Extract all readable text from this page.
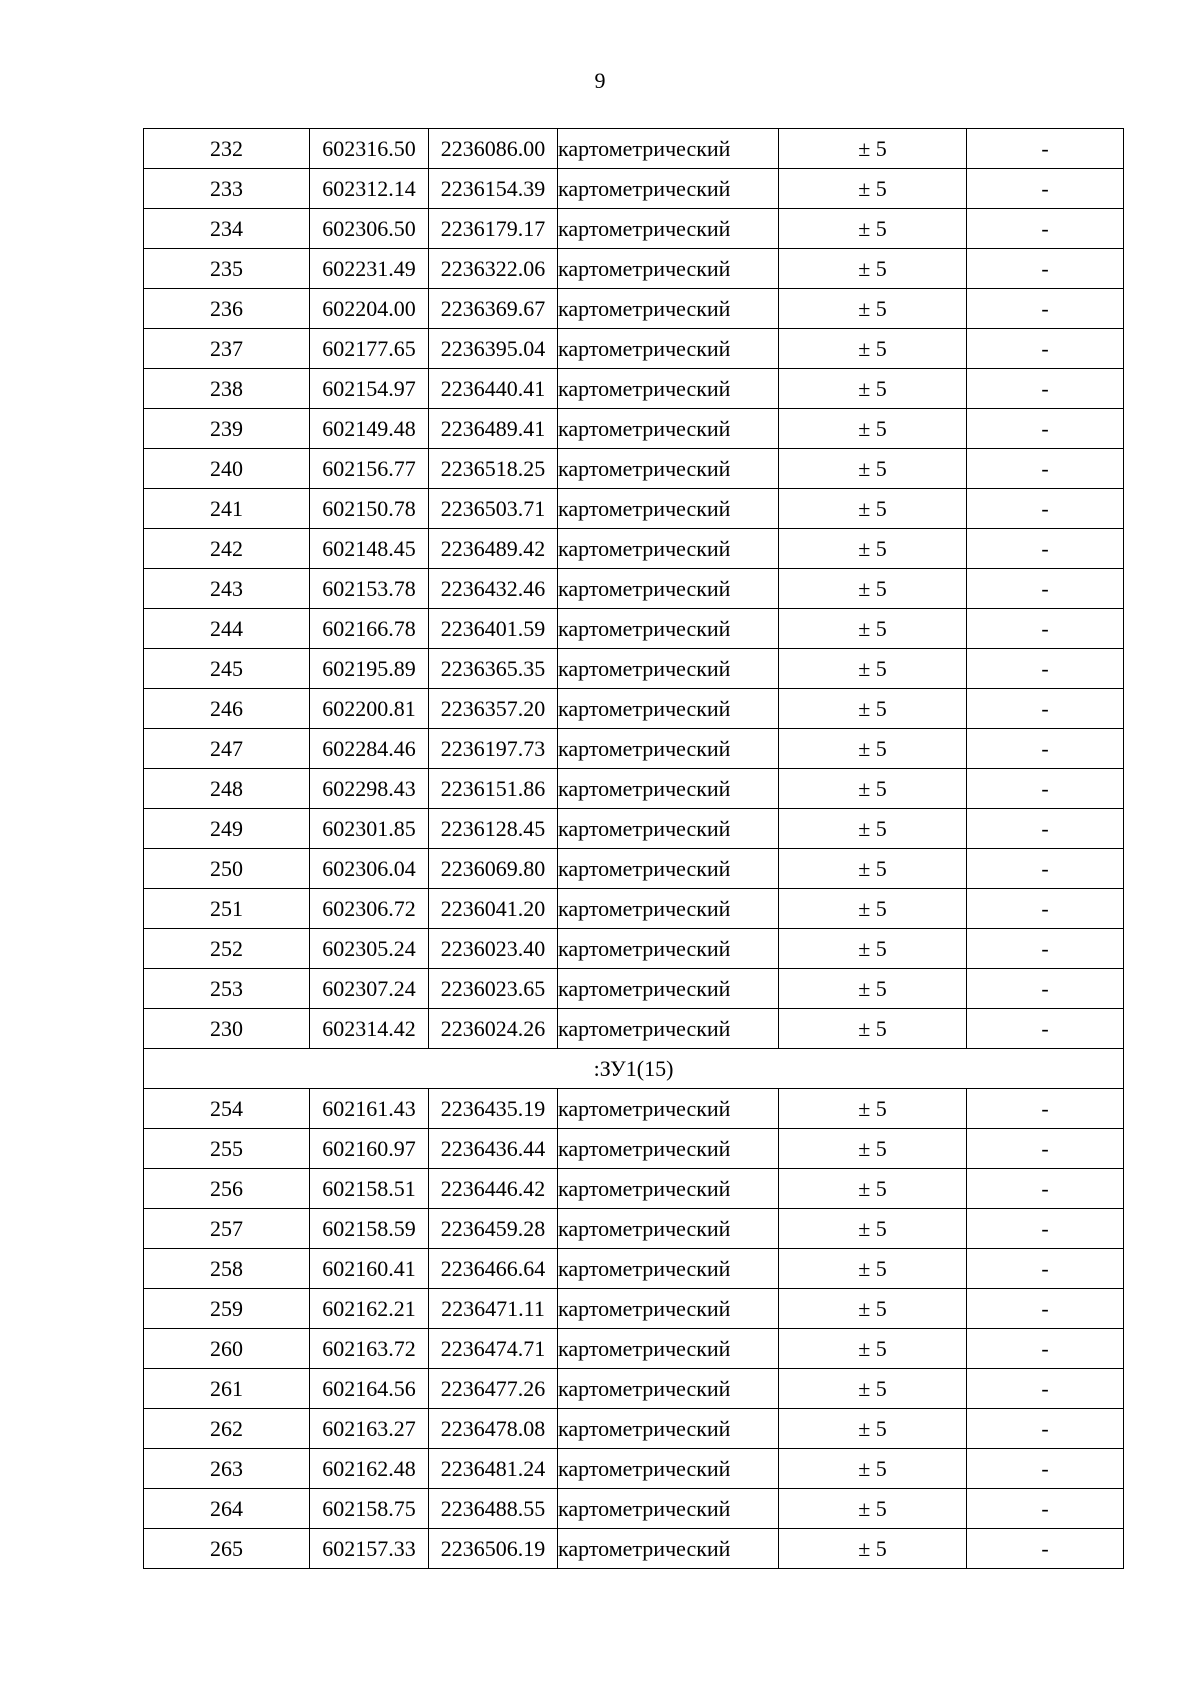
9
232	602316.50	2236086.00	картометрический	± 5	-
233	602312.14	2236154.39	картометрический	± 5	-
234	602306.50	2236179.17	картометрический	± 5	-
235	602231.49	2236322.06	картометрический	± 5	-
236	602204.00	2236369.67	картометрический	± 5	-
237	602177.65	2236395.04	картометрический	± 5	-
238	602154.97	2236440.41	картометрический	± 5	-
239	602149.48	2236489.41	картометрический	± 5	-
240	602156.77	2236518.25	картометрический	± 5	-
241	602150.78	2236503.71	картометрический	± 5	-
242	602148.45	2236489.42	картометрический	± 5	-
243	602153.78	2236432.46	картометрический	± 5	-
244	602166.78	2236401.59	картометрический	± 5	-
245	602195.89	2236365.35	картометрический	± 5	-
246	602200.81	2236357.20	картометрический	± 5	-
247	602284.46	2236197.73	картометрический	± 5	-
248	602298.43	2236151.86	картометрический	± 5	-
249	602301.85	2236128.45	картометрический	± 5	-
250	602306.04	2236069.80	картометрический	± 5	-
251	602306.72	2236041.20	картометрический	± 5	-
252	602305.24	2236023.40	картометрический	± 5	-
253	602307.24	2236023.65	картометрический	± 5	-
230	602314.42	2236024.26	картометрический	± 5	-
:ЗУ1(15)					
254	602161.43	2236435.19	картометрический	± 5	-
255	602160.97	2236436.44	картометрический	± 5	-
256	602158.51	2236446.42	картометрический	± 5	-
257	602158.59	2236459.28	картометрический	± 5	-
258	602160.41	2236466.64	картометрический	± 5	-
259	602162.21	2236471.11	картометрический	± 5	-
260	602163.72	2236474.71	картометрический	± 5	-
261	602164.56	2236477.26	картометрический	± 5	-
262	602163.27	2236478.08	картометрический	± 5	-
263	602162.48	2236481.24	картометрический	± 5	-
264	602158.75	2236488.55	картометрический	± 5	-
265	602157.33	2236506.19	картометрический	± 5	-
